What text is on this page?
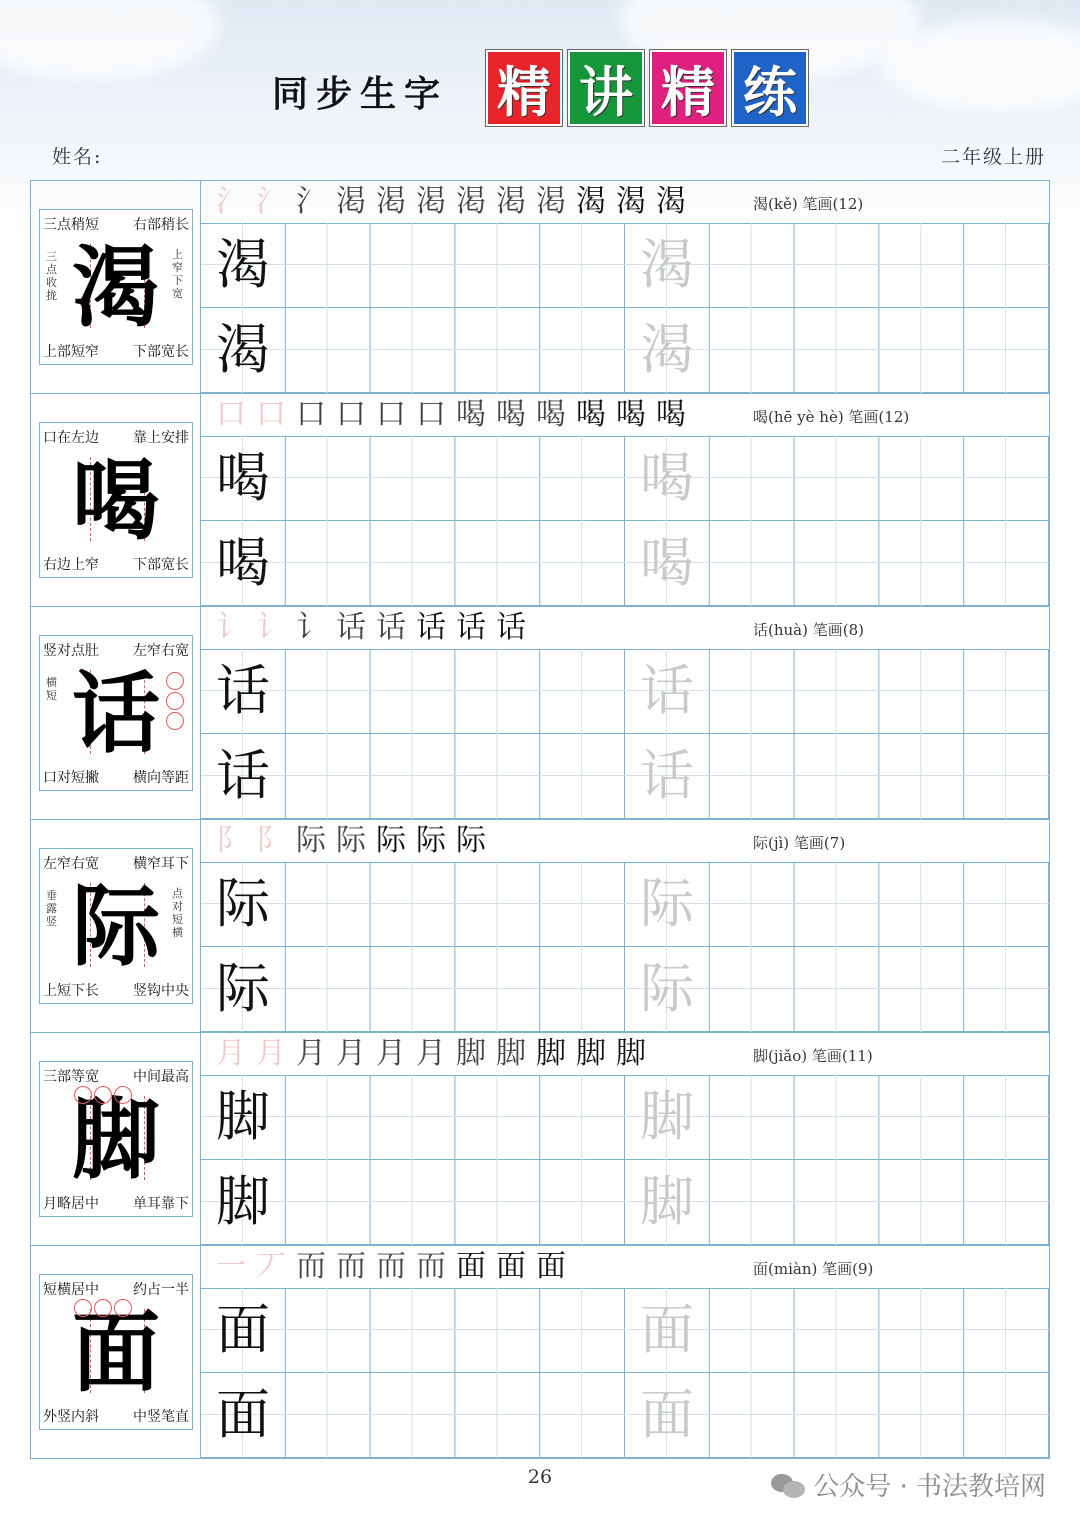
同步生字 精 讲 精 练
姓名:	二年级上册
三点稍短 右部稍长
渴
三点收拢
上窄下宽
上部短窄 下部宽长
氵 氵 氵 渇 渇 渇 渇 渇 渇 渴 渴 渴	渴(kě) 笔画(12)
渴	渴
渴	渴
口在左边 靠上安排
喝
右边上窄 下部宽长
口 口 口 口 口 口 喝 喝 喝 喝 喝 喝	喝(hē yè hè) 笔画(12)
喝	喝
喝	喝
竖对点肚 左窄右宽
话
横短
口对短撇 横向等距
讠 讠 讠 话 话 话 话 话	话(huà) 笔画(8)
话	话
话	话
左窄右宽 横窄耳下
际
垂露竖
点对短横
上短下长 竖钩中央
阝 阝 际 际 际 际 际	际(jì) 笔画(7)
际	际
际	际
三部等宽 中间最高
脚
月略居中 单耳靠下
月 月 月 月 月 月 脚 脚 脚 脚 脚	脚(jiǎo) 笔画(11)
脚	脚
脚	脚
短横居中 约占一半
面
外竖内斜 中竖笔直
一 丆 而 而 而 而 面 面 面	面(miàn) 笔画(9)
面	面
面	面
26	公众号 · 书法教培网
